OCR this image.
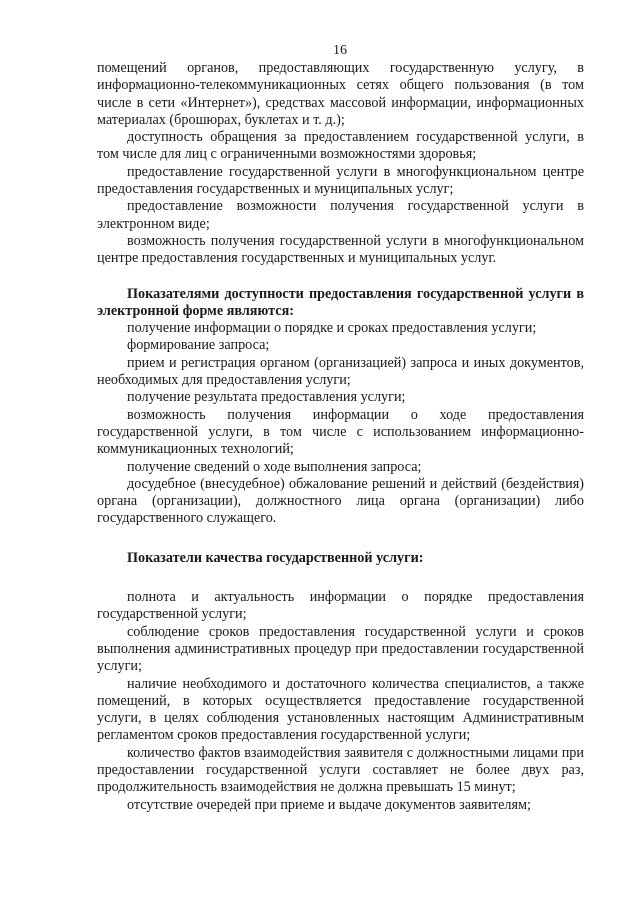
16

помещений органов, предоставляющих государственную услугу, в информационно-телекоммуникационных сетях общего пользования (в том числе в сети «Интернет»), средствах массовой информации, информационных материалах (брошюрах, буклетах и т. д.);

доступность обращения за предоставлением государственной услуги, в том числе для лиц с ограниченными возможностями здоровья;

предоставление государственной услуги в многофункциональном центре предоставления государственных и муниципальных услуг;

предоставление возможности получения государственной услуги в электронном виде;

возможность получения государственной услуги в многофункциональном центре предоставления государственных и муниципальных услуг.

Показателями доступности предоставления государственной услуги в электронной форме являются:

получение информации о порядке и сроках предоставления услуги;

формирование запроса;

прием и регистрация органом (организацией) запроса и иных документов, необходимых для предоставления услуги;

получение результата предоставления услуги;

возможность получения информации о ходе предоставления государственной услуги, в том числе с использованием информационно-коммуникационных технологий;

получение сведений о ходе выполнения запроса;

досудебное (внесудебное) обжалование решений и действий (бездействия) органа (организации), должностного лица органа (организации) либо государственного служащего.

Показатели качества государственной услуги:

полнота и актуальность информации о порядке предоставления государственной услуги;

соблюдение сроков предоставления государственной услуги и сроков выполнения административных процедур при предоставлении государственной услуги;

наличие необходимого и достаточного количества специалистов, а также помещений, в которых осуществляется предоставление государственной услуги, в целях соблюдения установленных настоящим Административным регламентом сроков предоставления государственной услуги;

количество фактов взаимодействия заявителя с должностными лицами при предоставлении государственной услуги составляет не более двух раз, продолжительность взаимодействия не должна превышать 15 минут;

отсутствие очередей при приеме и выдаче документов заявителям;
